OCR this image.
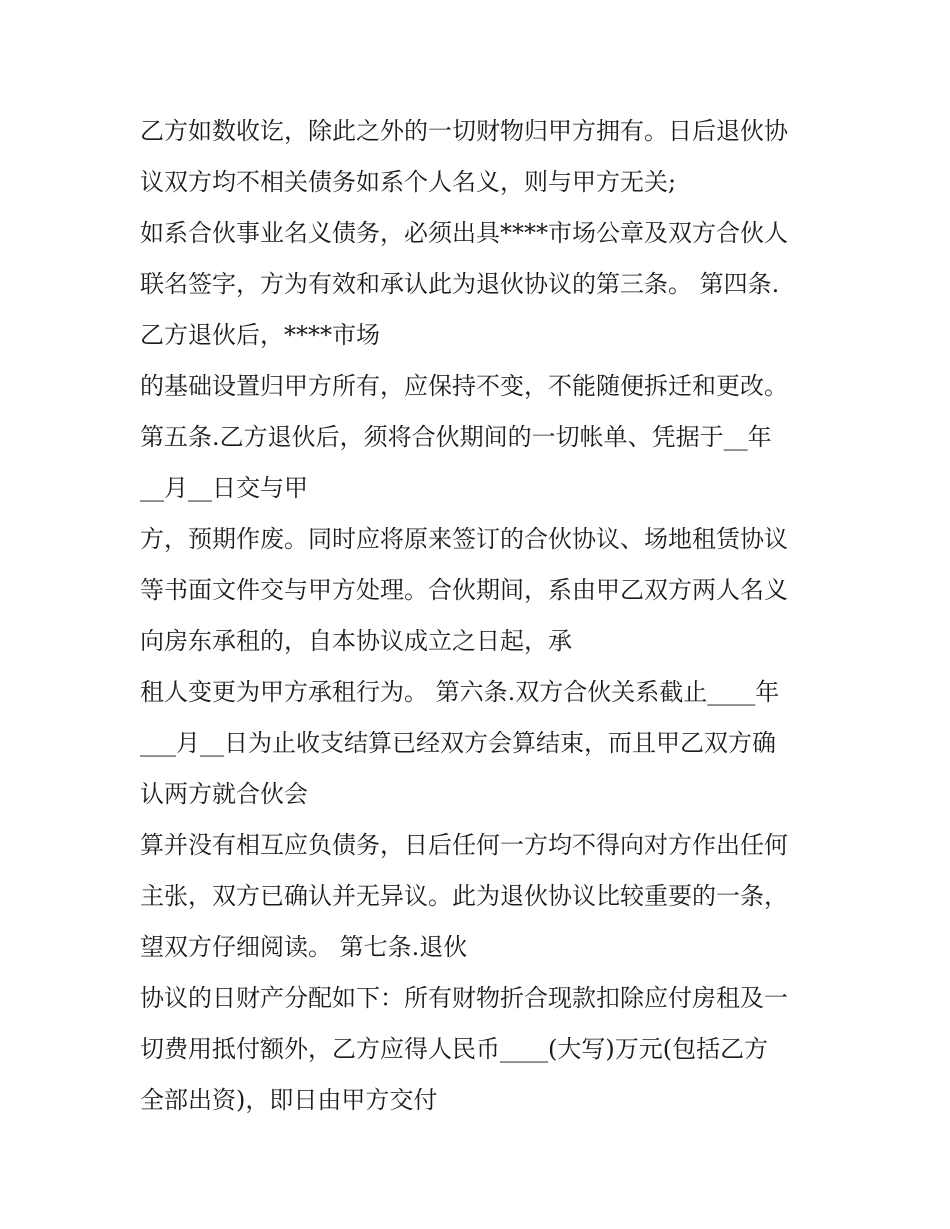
乙方如数收讫，除此之外的一切财物归甲方拥有。日后退伙协
议双方均不相关债务如系个人名义，则与甲方无关;
如系合伙事业名义债务，必须出具****市场公章及双方合伙人
联名签字，方为有效和承认此为退伙协议的第三条。 第四条.
乙方退伙后，****市场
的基础设置归甲方所有，应保持不变，不能随便拆迁和更改。
第五条.乙方退伙后，须将合伙期间的一切帐单、凭据于__年
__月__日交与甲
方，预期作废。同时应将原来签订的合伙协议、场地租赁协议
等书面文件交与甲方处理。合伙期间，系由甲乙双方两人名义
向房东承租的，自本协议成立之日起，承
租人变更为甲方承租行为。 第六条.双方合伙关系截止____年
___月__日为止收支结算已经双方会算结束，而且甲乙双方确
认两方就合伙会
算并没有相互应负债务，日后任何一方均不得向对方作出任何
主张，双方已确认并无异议。此为退伙协议比较重要的一条，
望双方仔细阅读。 第七条.退伙
协议的日财产分配如下：所有财物折合现款扣除应付房租及一
切费用抵付额外，乙方应得人民币____(大写)万元(包括乙方
全部出资)，即日由甲方交付
